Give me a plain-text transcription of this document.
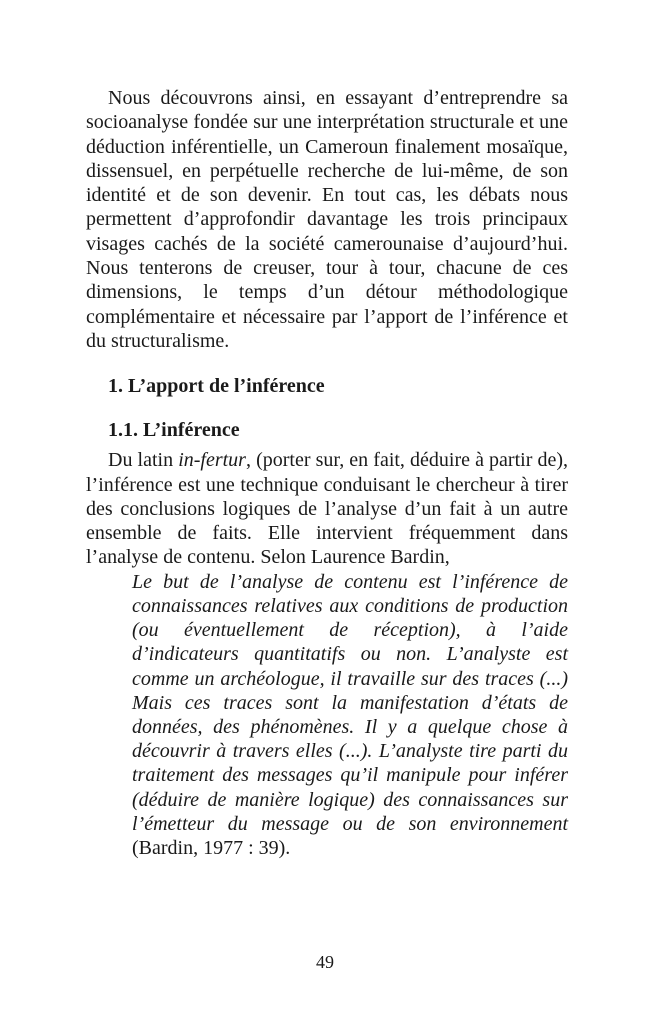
Nous découvrons ainsi, en essayant d’entreprendre sa socioanalyse fondée sur une interprétation structurale et une déduction inférentielle, un Cameroun finalement mosaïque, dissensuel, en perpétuelle recherche de lui-même, de son identité et de son devenir. En tout cas, les débats nous permettent d’approfondir davantage les trois principaux visages cachés de la société camerounaise d’aujourd’hui. Nous tenterons de creuser, tour à tour, chacune de ces dimensions, le temps d’un détour méthodologique complémentaire et nécessaire par l’apport de l’inférence et du structuralisme.

1. L’apport de l’inférence
1.1. L’inférence

Du latin in-fertur, (porter sur, en fait, déduire à partir de), l’inférence est une technique conduisant le chercheur à tirer des conclusions logiques de l’analyse d’un fait à un autre ensemble de faits. Elle intervient fréquemment dans l’analyse de contenu. Selon Laurence Bardin,

Le but de l’analyse de contenu est l’inférence de connaissances relatives aux conditions de production (ou éventuellement de réception), à l’aide d’indicateurs quantitatifs ou non. L’analyste est comme un archéologue, il travaille sur des traces (...) Mais ces traces sont la manifestation d’états de données, des phénomènes. Il y a quelque chose à découvrir à travers elles (...). L’analyste tire parti du traitement des messages qu’il manipule pour inférer (déduire de manière logique) des connaissances sur l’émetteur du message ou de son environnement (Bardin, 1977 : 39).

49
